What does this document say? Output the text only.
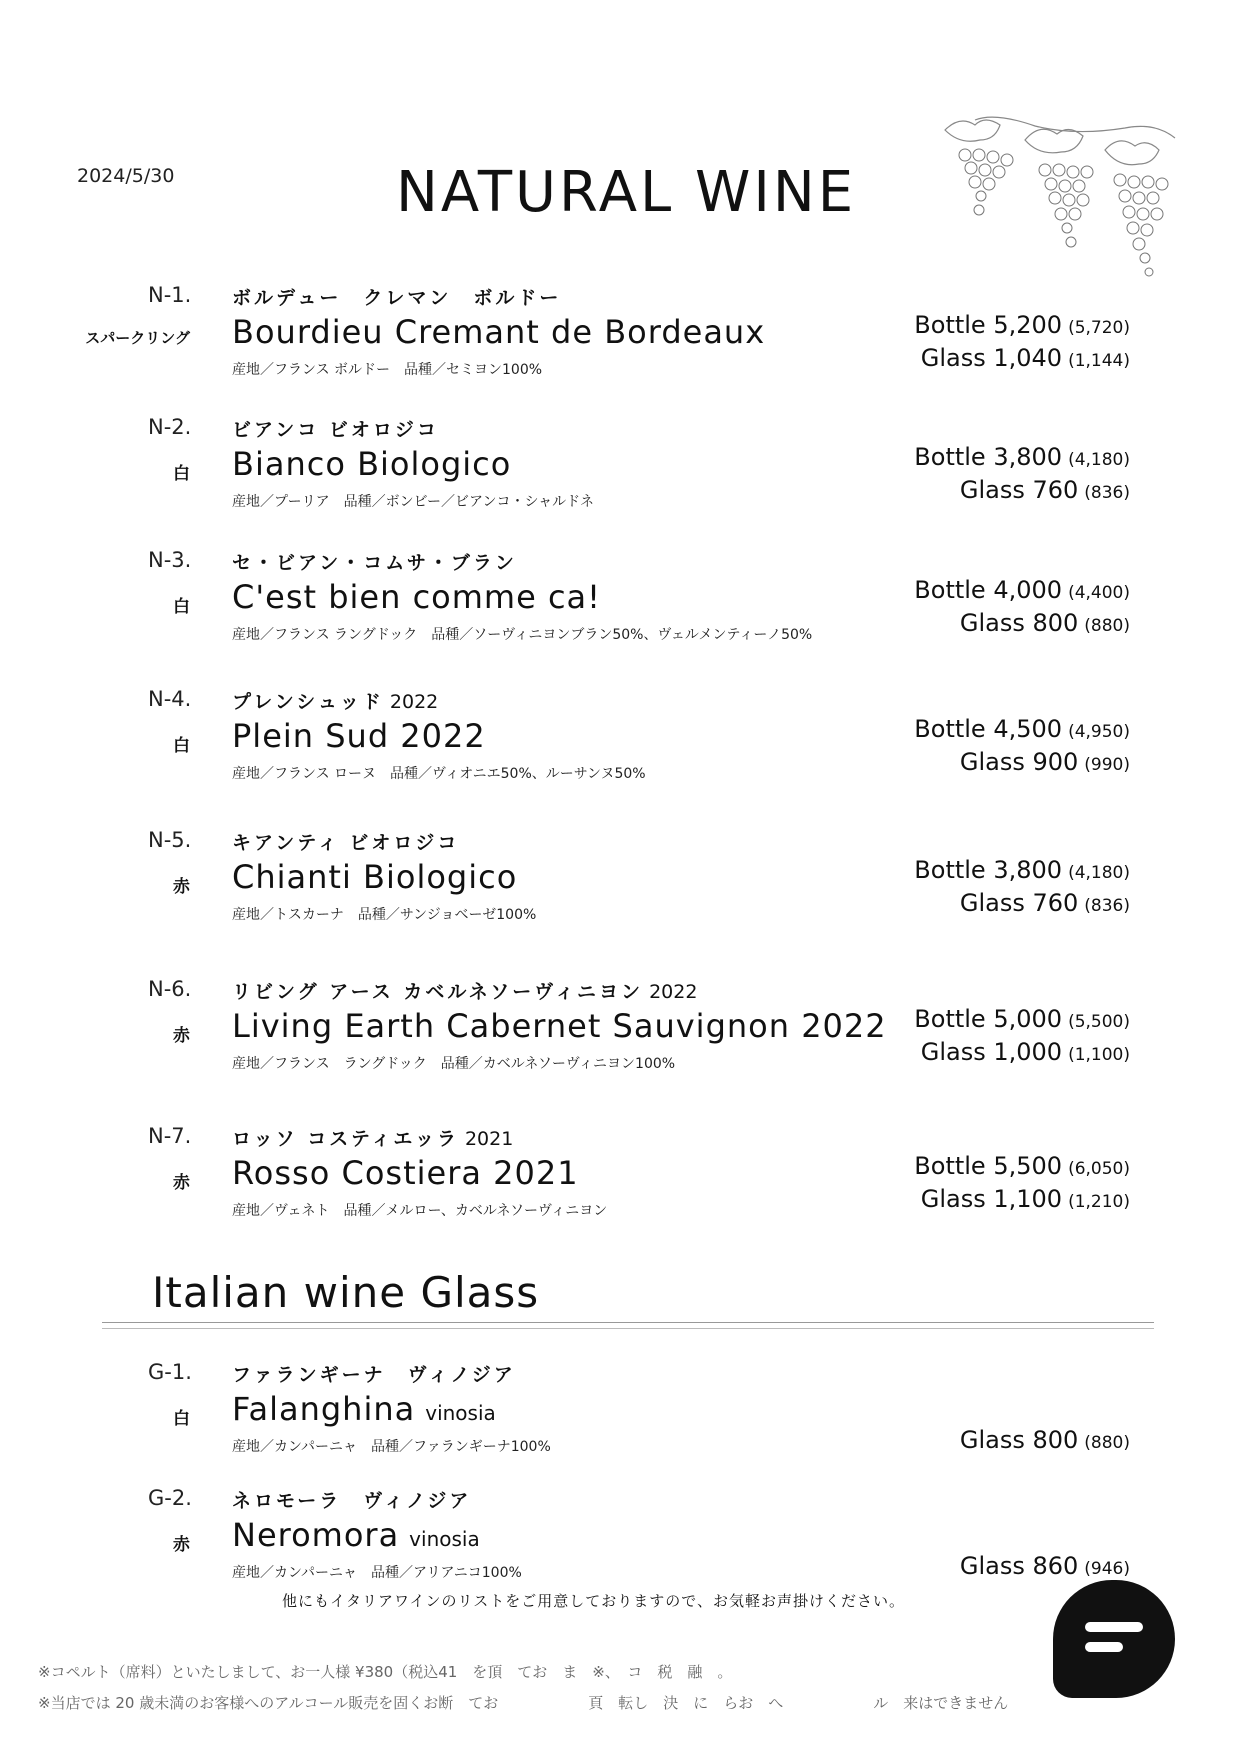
2024/5/30	NATURAL WINE
N-1.	ボルデュー　クレマン　ボルドー
スパークリング Bourdieu Cremant de Bordeaux
産地／フランス ボルドー　品種／セミヨン100%
Bottle 5,200 (5,720)
Glass 1,040 (1,144)
N-2.	ビアンコ ビオロジコ
白 Bianco Biologico
産地／プーリア　品種／ボンビー／ビアンコ・シャルドネ
Bottle 3,800 (4,180)
Glass 760 (836)
N-3.	セ・ビアン・コムサ・ブラン
白 C'est bien comme ca!
産地／フランス ラングドック　品種／ソーヴィニヨンブラン50%、ヴェルメンティーノ50%
Bottle 4,000 (4,400)
Glass 800 (880)
N-4.	プレンシュッド 2022
白 Plein Sud 2022
産地／フランス ローヌ　品種／ヴィオニエ50%、ルーサンヌ50%
Bottle 4,500 (4,950)
Glass 900 (990)
N-5.	キアンティ ビオロジコ
赤 Chianti Biologico
産地／トスカーナ　品種／サンジョベーゼ100%
Bottle 3,800 (4,180)
Glass 760 (836)
N-6.	リビング アース カベルネソーヴィニヨン 2022
赤 Living Earth Cabernet Sauvignon 2022
産地／フランス　ラングドック　品種／カベルネソーヴィニヨン100%
Bottle 5,000 (5,500)
Glass 1,000 (1,100)
N-7.	ロッソ コスティエッラ 2021
赤 Rosso Costiera 2021
産地／ヴェネト　品種／メルロー、カベルネソーヴィニヨン
Bottle 5,500 (6,050)
Glass 1,100 (1,210)
Italian wine Glass
G-1.	ファランギーナ　ヴィノジア
白 Falanghina vinosia
産地／カンパーニャ　品種／ファランギーナ100%	Glass 800 (880)
G-2.	ネロモーラ　ヴィノジア
赤 Neromora vinosia
産地／カンパーニャ　品種／アリアニコ100%	Glass 860 (946)
他にもイタリアワインのリストをご用意しておりますので、お気軽お声掛けください。
※コペルト（席料）といたしまして、お一人様 ¥380（税込41　を頂　てお　ま　※、　コ　税　融　。
※当店では 20 歳未満のお客様へのアルコール販売を固くお断　てお　　　　　　頁　転し　決　に　らお　へ　　　　　　ル　来はできません
